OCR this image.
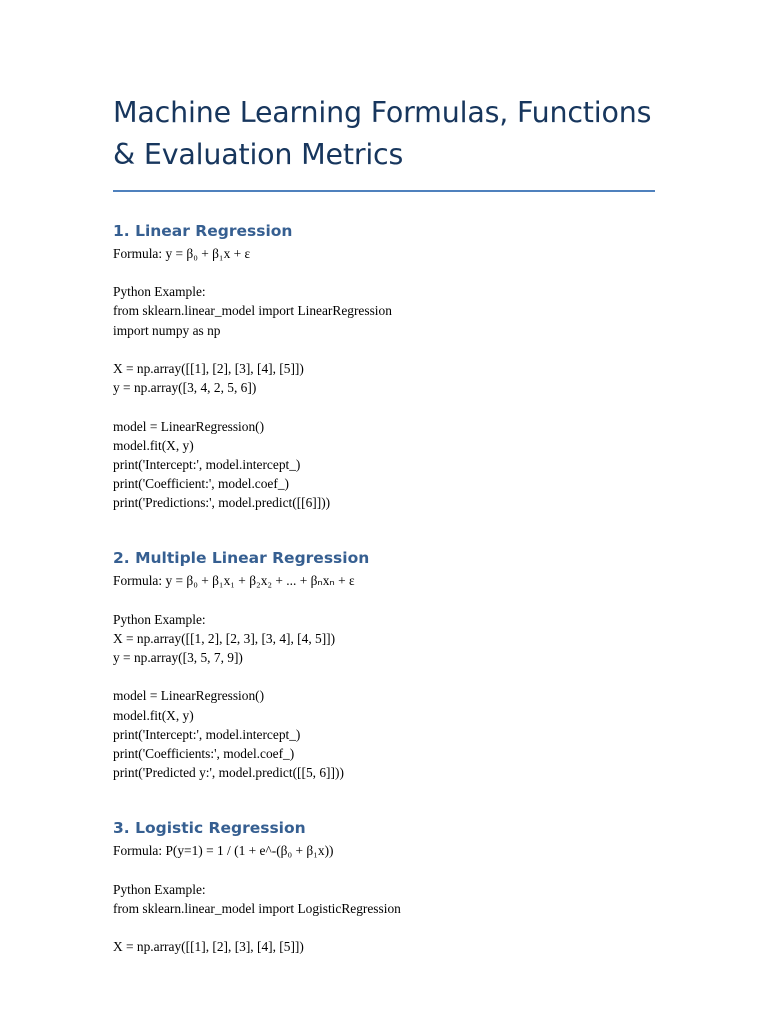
Machine Learning Formulas, Functions
& Evaluation Metrics
1. Linear Regression

Formula: y = β₀ + β₁x + ε

Python Example:
from sklearn.linear_model import LinearRegression
import numpy as np
X = np.array([[1], [2], [3], [4], [5]])
y = np.array([3, 4, 2, 5, 6])
model = LinearRegression()
model.fit(X, y)
print('Intercept:', model.intercept_)
print('Coefficient:', model.coef_)
print('Predictions:', model.predict([[6]]))
2. Multiple Linear Regression

Formula: y = β₀ + β₁x₁ + β₂x₂ + ... + βₙxₙ + ε

Python Example:
X = np.array([[1, 2], [2, 3], [3, 4], [4, 5]])
y = np.array([3, 5, 7, 9])
model = LinearRegression()
model.fit(X, y)
print('Intercept:', model.intercept_)
print('Coefficients:', model.coef_)
print('Predicted y:', model.predict([[5, 6]]))
3. Logistic Regression

Formula: P(y=1) = 1 / (1 + e^-(β₀ + β₁x))

Python Example:
from sklearn.linear_model import LogisticRegression
X = np.array([[1], [2], [3], [4], [5]])
